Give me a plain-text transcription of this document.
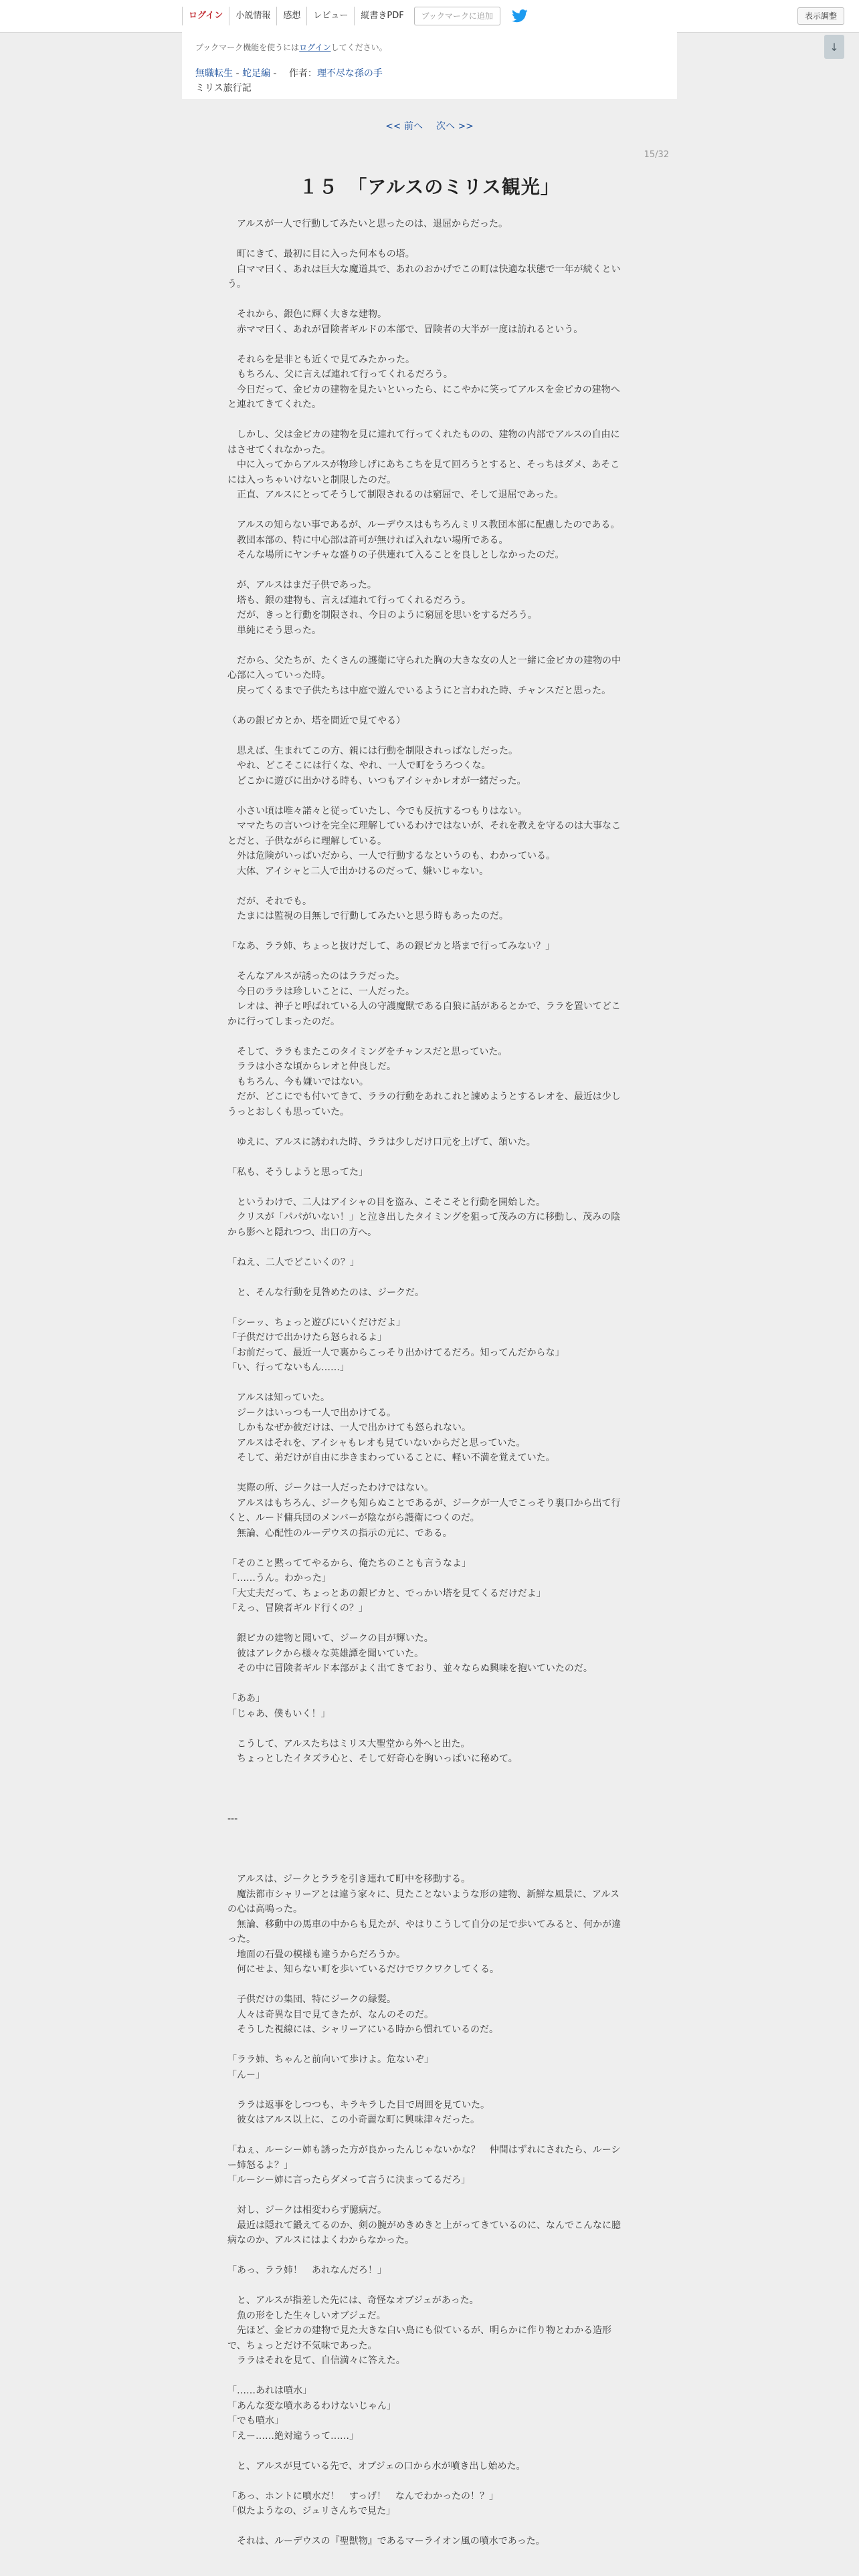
ログイン	小説情報	感想	レビュー	縦書きPDF	ブックマークに追加	表示調整
↓
ブックマーク機能を使うにはログインしてください。
無職転生 - 蛇足編 - 作者：理不尽な孫の手
ミリス旅行記
<< 前へ 次へ >>
15/32
１５　「アルスのミリス観光」

　アルスが一人で行動してみたいと思ったのは、退屈からだった。

　町にきて、最初に目に入った何本もの塔。
　白ママ曰く、あれは巨大な魔道具で、あれのおかげでこの町は快適な状態で一年が続くという。

　それから、銀色に輝く大きな建物。
　赤ママ曰く、あれが冒険者ギルドの本部で、冒険者の大半が一度は訪れるという。

　それらを是非とも近くで見てみたかった。
　もちろん、父に言えば連れて行ってくれるだろう。
　今日だって、金ピカの建物を見たいといったら、にこやかに笑ってアルスを金ピカの建物へと連れてきてくれた。

　しかし、父は金ピカの建物を見に連れて行ってくれたものの、建物の内部でアルスの自由にはさせてくれなかった。
　中に入ってからアルスが物珍しげにあちこちを見て回ろうとすると、そっちはダメ、あそこには入っちゃいけないと制限したのだ。
　正直、アルスにとってそうして制限されるのは窮屈で、そして退屈であった。

　アルスの知らない事であるが、ルーデウスはもちろんミリス教団本部に配慮したのである。
　教団本部の、特に中心部は許可が無ければ入れない場所である。
　そんな場所にヤンチャな盛りの子供連れて入ることを良しとしなかったのだ。

　が、アルスはまだ子供であった。
　塔も、銀の建物も、言えば連れて行ってくれるだろう。
　だが、きっと行動を制限され、今日のように窮屈を思いをするだろう。
　単純にそう思った。

　だから、父たちが、たくさんの護衛に守られた胸の大きな女の人と一緒に金ピカの建物の中心部に入っていった時。
　戻ってくるまで子供たちは中庭で遊んでいるようにと言われた時、チャンスだと思った。

（あの銀ピカとか、塔を間近で見てやる）

　思えば、生まれてこの方、親には行動を制限されっぱなしだった。
　やれ、どこそこには行くな、やれ、一人で町をうろつくな。
　どこかに遊びに出かける時も、いつもアイシャかレオが一緒だった。

　小さい頃は唯々諾々と従っていたし、今でも反抗するつもりはない。
　ママたちの言いつけを完全に理解しているわけではないが、それを教えを守るのは大事なことだと、子供ながらに理解している。
　外は危険がいっぱいだから、一人で行動するなというのも、わかっている。
　大体、アイシャと二人で出かけるのだって、嫌いじゃない。

　だが、それでも。
　たまには監視の目無しで行動してみたいと思う時もあったのだ。

「なあ、ララ姉、ちょっと抜けだして、あの銀ピカと塔まで行ってみない？」

　そんなアルスが誘ったのはララだった。
　今日のララは珍しいことに、一人だった。
　レオは、神子と呼ばれている人の守護魔獣である白狼に話があるとかで、ララを置いてどこかに行ってしまったのだ。

　そして、ララもまたこのタイミングをチャンスだと思っていた。
　ララは小さな頃からレオと仲良しだ。
　もちろん、今も嫌いではない。
　だが、どこにでも付いてきて、ララの行動をあれこれと諫めようとするレオを、最近は少しうっとおしくも思っていた。

　ゆえに、アルスに誘われた時、ララは少しだけ口元を上げて、頷いた。

「私も、そうしようと思ってた」

　というわけで、二人はアイシャの目を盗み、こそこそと行動を開始した。
　クリスが「パパがいない！」と泣き出したタイミングを狙って茂みの方に移動し、茂みの陰から影へと隠れつつ、出口の方へ。

「ねえ、二人でどこいくの？」

　と、そんな行動を見咎めたのは、ジークだ。

「シーッ、ちょっと遊びにいくだけだよ」
「子供だけで出かけたら怒られるよ」
「お前だって、最近一人で裏からこっそり出かけてるだろ。知ってんだからな」
「い、行ってないもん……」

　アルスは知っていた。
　ジークはいっつも一人で出かけてる。
　しかもなぜか彼だけは、一人で出かけても怒られない。
　アルスはそれを、アイシャもレオも見ていないからだと思っていた。
　そして、弟だけが自由に歩きまわっていることに、軽い不満を覚えていた。

　実際の所、ジークは一人だったわけではない。
　アルスはもちろん、ジークも知らぬことであるが、ジークが一人でこっそり裏口から出て行くと、ルード傭兵団のメンバーが陰ながら護衛につくのだ。
　無論、心配性のルーデウスの指示の元に、である。

「そのこと黙っててやるから、俺たちのことも言うなよ」
「……うん。わかった」
「大丈夫だって、ちょっとあの銀ピカと、でっかい塔を見てくるだけだよ」
「えっ、冒険者ギルド行くの？」

　銀ピカの建物と聞いて、ジークの目が輝いた。
　彼はアレクから様々な英雄譚を聞いていた。
　その中に冒険者ギルド本部がよく出てきており、並々ならぬ興味を抱いていたのだ。

「ああ」
「じゃあ、僕もいく！」

　こうして、アルスたちはミリス大聖堂から外へと出た。
　ちょっとしたイタズラ心と、そして好奇心を胸いっぱいに秘めて。

---

　アルスは、ジークとララを引き連れて町中を移動する。
　魔法都市シャリーアとは違う家々に、見たことないような形の建物、新鮮な風景に、アルスの心は高鳴った。
　無論、移動中の馬車の中からも見たが、やはりこうして自分の足で歩いてみると、何かが違った。
　地面の石畳の模様も違うからだろうか。
　何にせよ、知らない町を歩いているだけでワクワクしてくる。

　子供だけの集団、特にジークの緑髪。
　人々は奇異な目で見てきたが、なんのそのだ。
　そうした視線には、シャリーアにいる時から慣れているのだ。

「ララ姉、ちゃんと前向いて歩けよ。危ないぞ」
「んー」

　ララは返事をしつつも、キラキラした目で周囲を見ていた。
　彼女はアルス以上に、この小奇麗な町に興味津々だった。

「ねぇ、ルーシー姉も誘った方が良かったんじゃないかな？　仲間はずれにされたら、ルーシー姉怒るよ？」
「ルーシー姉に言ったらダメって言うに決まってるだろ」

　対し、ジークは相変わらず臆病だ。
　最近は隠れて鍛えてるのか、剣の腕がめきめきと上がってきているのに、なんでこんなに臆病なのか、アルスにはよくわからなかった。

「あっ、ララ姉！　あれなんだろ！」

　と、アルスが指差した先には、奇怪なオブジェがあった。
　魚の形をした生々しいオブジェだ。
　先ほど、金ピカの建物で見た大きな白い鳥にも似ているが、明らかに作り物とわかる造形で、ちょっとだけ不気味であった。
　ララはそれを見て、自信満々に答えた。

「……あれは噴水」
「あんな変な噴水あるわけないじゃん」
「でも噴水」
「えー……絶対違うって……」

　と、アルスが見ている先で、オブジェの口から水が噴き出し始めた。

「あっ、ホントに噴水だ！　すっげ！　なんでわかったの！？」
「似たようなの、ジュリさんちで見た」

　それは、ルーデウスの『聖獣物』であるマーライオン風の噴水であった。
